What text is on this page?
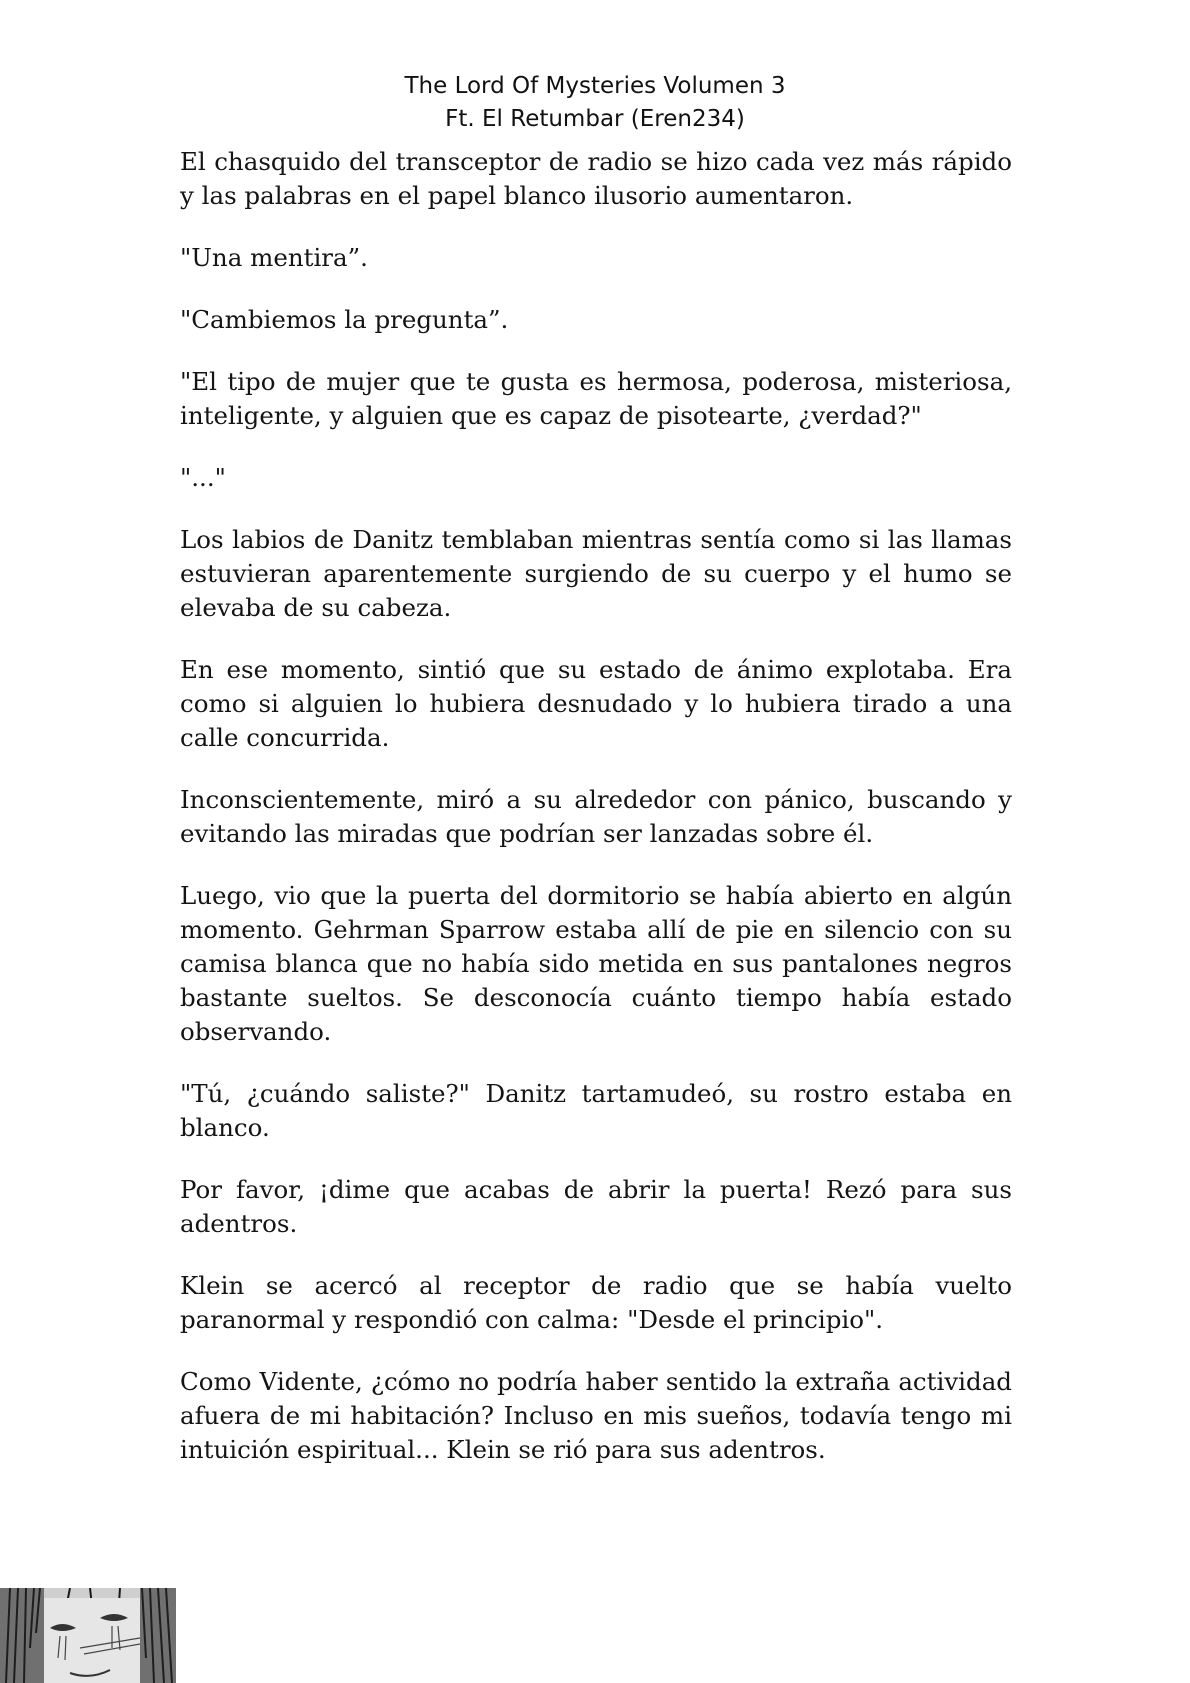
The Lord Of Mysteries Volumen 3
Ft. El Retumbar (Eren234)

El chasquido del transceptor de radio se hizo cada vez más rápido y las palabras en el papel blanco ilusorio aumentaron.

"Una mentira”.

"Cambiemos la pregunta”.

"El tipo de mujer que te gusta es hermosa, poderosa, misteriosa, inteligente, y alguien que es capaz de pisotearte, ¿verdad?"

"..."

Los labios de Danitz temblaban mientras sentía como si las llamas estuvieran aparentemente surgiendo de su cuerpo y el humo se elevaba de su cabeza.

En ese momento, sintió que su estado de ánimo explotaba. Era como si alguien lo hubiera desnudado y lo hubiera tirado a una calle concurrida.

Inconscientemente, miró a su alrededor con pánico, buscando y evitando las miradas que podrían ser lanzadas sobre él.

Luego, vio que la puerta del dormitorio se había abierto en algún momento. Gehrman Sparrow estaba allí de pie en silencio con su camisa blanca que no había sido metida en sus pantalones negros bastante sueltos. Se desconocía cuánto tiempo había estado observando.

"Tú, ¿cuándo saliste?" Danitz tartamudeó, su rostro estaba en blanco.

Por favor, ¡dime que acabas de abrir la puerta! Rezó para sus adentros.

Klein se acercó al receptor de radio que se había vuelto paranormal y respondió con calma: "Desde el principio".

Como Vidente, ¿cómo no podría haber sentido la extraña actividad afuera de mi habitación? Incluso en mis sueños, todavía tengo mi intuición espiritual... Klein se rió para sus adentros.
